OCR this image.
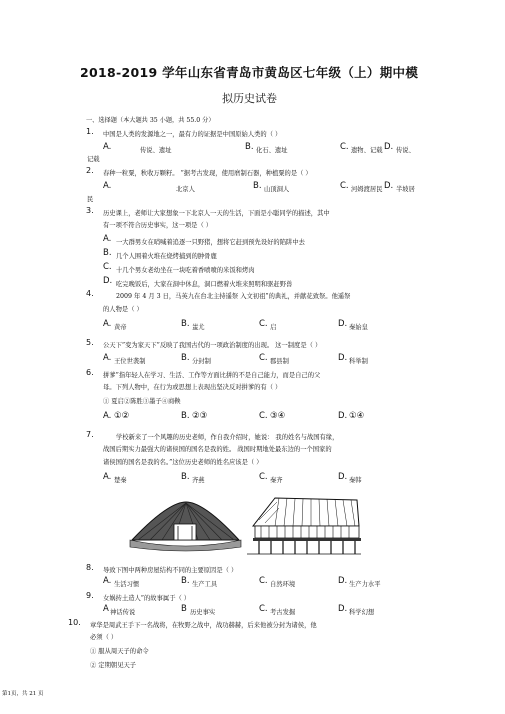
2018-2019 学年山东省青岛市黄岛区七年级（上）期中模
拟历史试卷
一、选择题（本大题共 35 小题，共 55.0 分）
1. 中国是人类的发源地之一，最有力的证据是中国原始人类的（ ）
A.	传说、遗址	B. 化石、遗址	C. 遗物、记载 D. 传说、
记载
2. 春种一粒粟，秋收万颗籽。 ”据考古发现，使用磨制石器，种植粟的是（ ）
A.	北京人	B. 山顶洞人	C. 河姆渡居民 D. 半坡居
民
3. 历史课上，老师让大家想象一下北京人一天的生活，下面是小聪同学的描述，其中
有一项不符合历史事实，这一项是（ ）
A. 一大群男女在哨喊着追逐一只野猪，想将它赶到预先设好的陷阱中去
B. 几个人围着火堆在烧烤捕到的肿骨鹿
C. 十几个男女老幼坐在一块吃着香喷喷的米饭和烤肉
D. 吃完晚饭后，大家在洞中休息，洞口燃着火堆来照明和驱赶野兽
4.	2009 年 4 月 3 日，马英九在台北主持遥祭 入文初祖”的典礼，并献花致祭。他遥祭
的人物是（ ）
A. 黄帝	B. 蚩尤	C. 启	D. 秦始皇
5. 公天下”变为家天下”反映了我国古代的一项政治制度的出现。 这一制度是（ ）
A. 王位世袭制	B. 分封制	C. 郡县制	D. 科举制
6. 拼爹”指年轻人在学习、生活、工作等方面比拼的不是自己能力，而是自己的父
母。下列人物中，在行为或思想上表现出坚决反对拼爹的有（ ）
① 夏启②陈胜③墨子④商鞅
A. ①②	B. ②③	C. ③④	D. ①④
7.	学校新来了一个风趣的历史老师，作自我介绍时，她说： 我的姓名与战国有缘，
战国后期实力最强大的诸侯国的国名是我的姓。 战国时期地处最东边的一个国家的
诸侯国的国名是我的名。”这位历史老师的姓名应该是（ ）
A. 楚秦	B. 齐燕	C. 秦齐	D. 秦韩
8. 导致下图中两种房屋结构不同的主要原因是（ ）
A. 生活习惯	B. 生产工具	C. 自然环境	D. 生产力水平
9. 女娲抟土造人”的故事属于（ ）
A 神话传说	B 历史事实	C. 考古发掘	D. 科学幻想
10. 章华是周武王手下一名战将，在牧野之战中，战功赫赫，后来他被分封为诸侯，他
必须（ ）
① 服从周天子的命令
② 定期朝见天子
第1页，共 21 页
